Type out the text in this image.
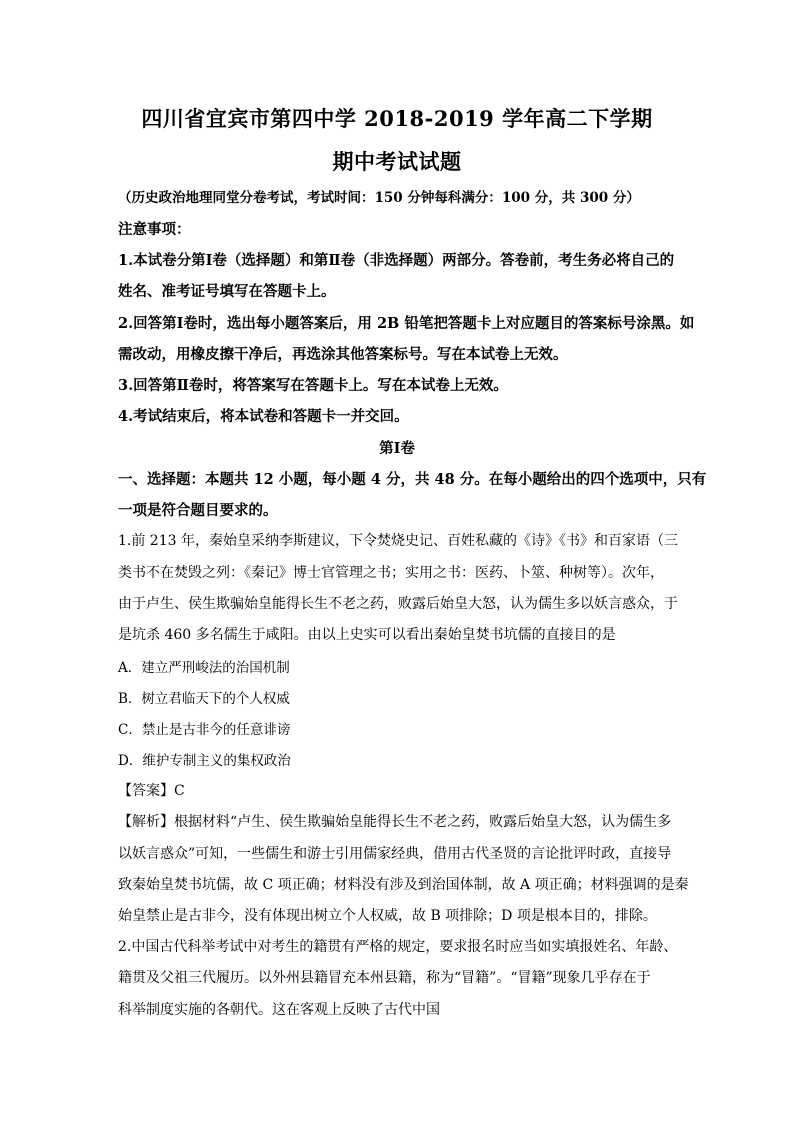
四川省宜宾市第四中学 2018-2019 学年高二下学期
期中考试试题
（历史政治地理同堂分卷考试，考试时间：150 分钟每科满分：100 分，共 300 分）
注意事项：
1.本试卷分第Ⅰ卷（选择题）和第Ⅱ卷（非选择题）两部分。答卷前，考生务必将自己的
姓名、准考证号填写在答题卡上。
2.回答第Ⅰ卷时，选出每小题答案后，用 2B 铅笔把答题卡上对应题目的答案标号涂黑。如
需改动，用橡皮擦干净后，再选涂其他答案标号。写在本试卷上无效。
3.回答第Ⅱ卷时，将答案写在答题卡上。写在本试卷上无效。
4.考试结束后，将本试卷和答题卡一并交回。
第Ⅰ卷
一、选择题：本题共 12 小题，每小题 4 分，共 48 分。在每小题给出的四个选项中，只有
一项是符合题目要求的。
1.前 213 年，秦始皇采纳李斯建议，下令焚烧史记、百姓私藏的《诗》《书》和百家语（三
类书不在焚毁之列：《秦记》博士官管理之书；实用之书：医药、卜筮、种树等）。次年，
由于卢生、侯生欺骗始皇能得长生不老之药，败露后始皇大怒，认为儒生多以妖言惑众，于
是坑杀 460 多名儒生于咸阳。由以上史实可以看出秦始皇焚书坑儒的直接目的是
A．建立严刑峻法的治国机制
B．树立君临天下的个人权威
C．禁止是古非今的任意诽谤
D．维护专制主义的集权政治
【答案】C
【解析】根据材料“卢生、侯生欺骗始皇能得长生不老之药，败露后始皇大怒，认为儒生多
以妖言惑众”可知，一些儒生和游士引用儒家经典，借用古代圣贤的言论批评时政，直接导
致秦始皇焚书坑儒，故 C 项正确；材料没有涉及到治国体制，故 A 项正确；材料强调的是秦
始皇禁止是古非今，没有体现出树立个人权威，故 B 项排除；D 项是根本目的，排除。
2.中国古代科举考试中对考生的籍贯有严格的规定，要求报名时应当如实填报姓名、年龄、
籍贯及父祖三代履历。以外州县籍冒充本州县籍，称为“冒籍”。“冒籍”现象几乎存在于
科举制度实施的各朝代。这在客观上反映了古代中国
